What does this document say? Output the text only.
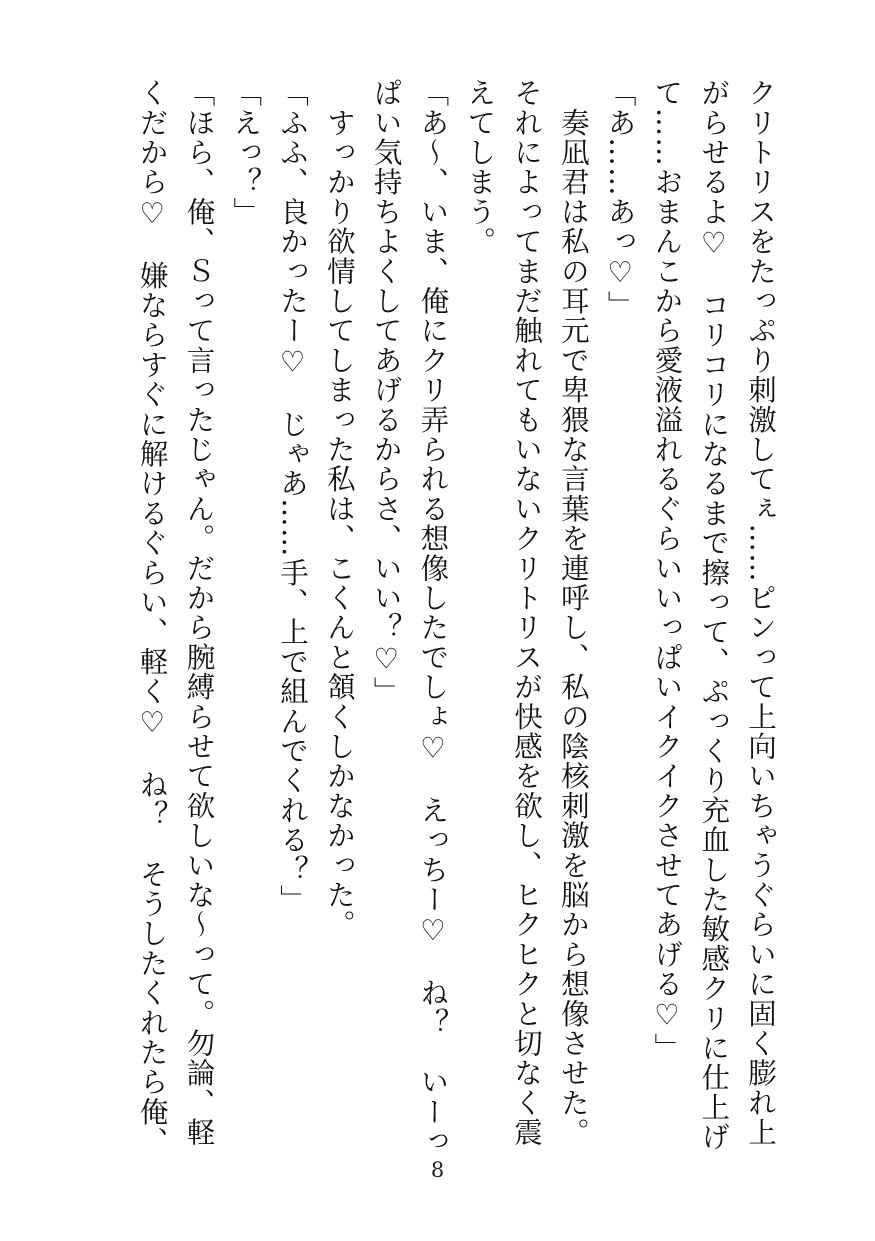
クリトリスをたっぷり刺激してぇ……ピンって上向いちゃうぐらいに固く膨れ上
がらせるよ♡　コリコリになるまで擦って、ぷっくり充血した敏感クリに仕上げ
て……おまんこから愛液溢れるぐらいいっぱいイクイクさせてあげる♡」
「あ……あっ♡」
　奏凪君は私の耳元で卑猥な言葉を連呼し、私の陰核刺激を脳から想像させた。
それによってまだ触れてもいないクリトリスが快感を欲し、ヒクヒクと切なく震
えてしまう。
「あ〜、いま、俺にクリ弄られる想像したでしょ♡　えっちー♡　ね？　いーっ
ぱい気持ちよくしてあげるからさ、いい？♡」
　すっかり欲情してしまった私は、こくんと頷くしかなかった。
「ふふ、良かったー♡　じゃあ……手、上で組んでくれる？」
「えっ？」
「ほら、俺、Ｓって言ったじゃん。だから腕縛らせて欲しいな〜って。勿論、軽
くだから♡　嫌ならすぐに解けるぐらい、軽く♡　ね？　そうしたくれたら俺、
8
